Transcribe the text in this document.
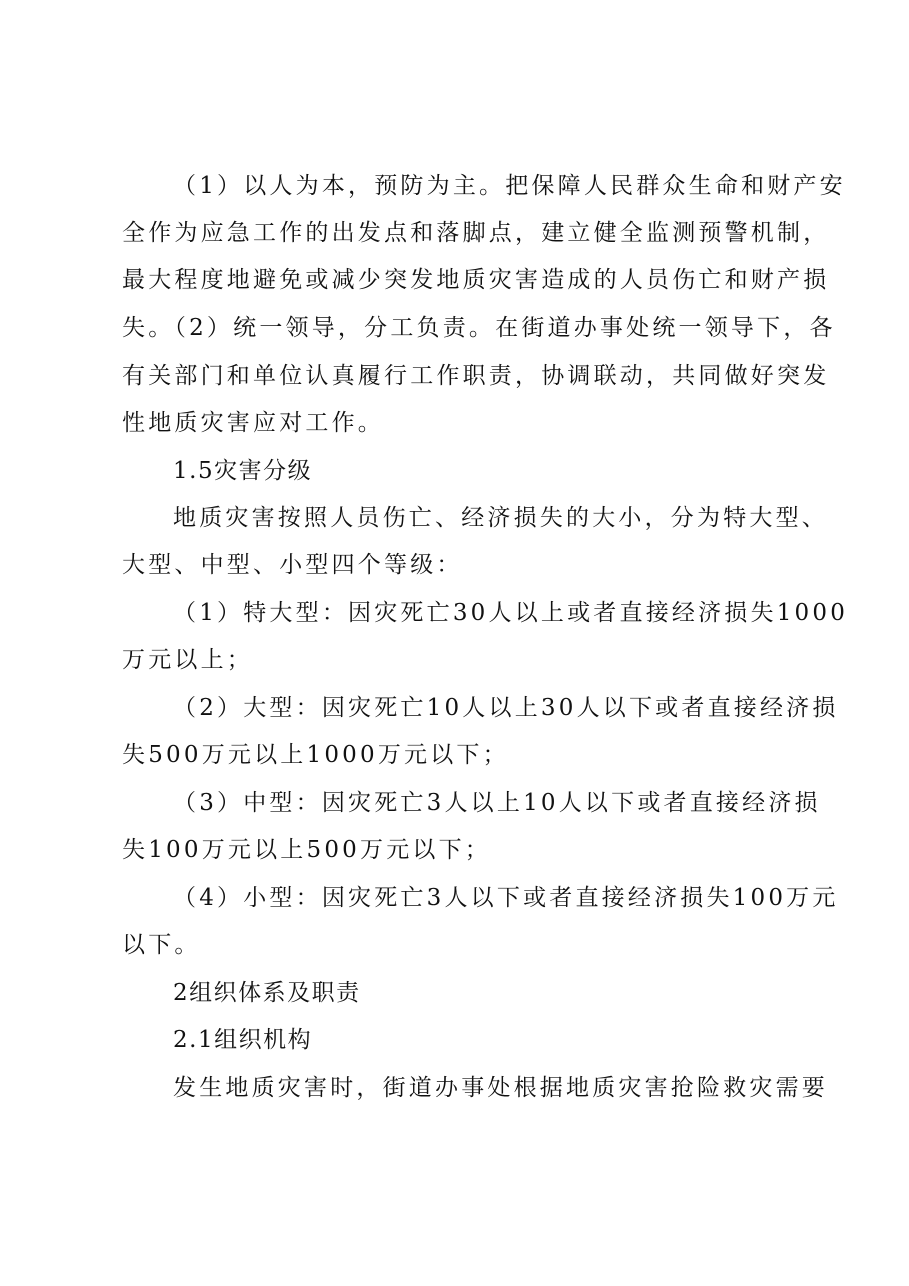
（1）以人为本，预防为主。把保障人民群众生命和财产安
全作为应急工作的出发点和落脚点，建立健全监测预警机制，
最大程度地避免或减少突发地质灾害造成的人员伤亡和财产损
失。（2）统一领导，分工负责。在街道办事处统一领导下，各
有关部门和单位认真履行工作职责，协调联动，共同做好突发
性地质灾害应对工作。
1.5灾害分级
地质灾害按照人员伤亡、经济损失的大小，分为特大型、
大型、中型、小型四个等级：
（1）特大型：因灾死亡30人以上或者直接经济损失1000
万元以上；
（2）大型：因灾死亡10人以上30人以下或者直接经济损
失500万元以上1000万元以下；
（3）中型：因灾死亡3人以上10人以下或者直接经济损
失100万元以上500万元以下；
（4）小型：因灾死亡3人以下或者直接经济损失100万元
以下。
2组织体系及职责
2.1组织机构
发生地质灾害时，街道办事处根据地质灾害抢险救灾需要
